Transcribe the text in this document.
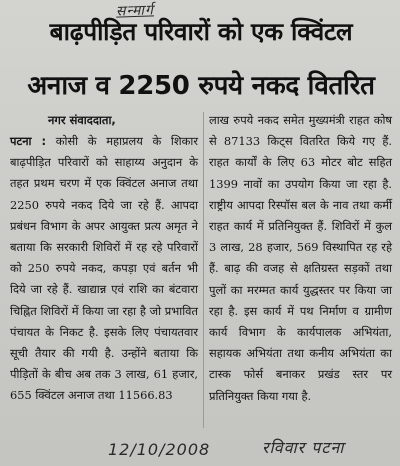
सन्मार्ग
बाढ़पीड़ित परिवारों को एक क्विंटल
अनाज व 2250 रुपये नकद वितरित
नगर संवाददाता,

पटना : कोसी के महाप्रलय के शिकार बाढ़पीड़ित परिवारों को साहाय्य अनुदान के तहत प्रथम चरण में एक क्विंटल अनाज तथा 2250 रुपये नकद दिये जा रहे हैं. आपदा प्रबंधन विभाग के अपर आयुक्त प्रत्य अमृत ने बताया कि सरकारी शिविरों में रह रहे परिवारों को 250 रुपये नकद, कपड़ा एवं बर्तन भी दिये जा रहे हैं. खाद्यान्न एवं राशि का बंटवारा चिह्नित शिविरों में किया जा रहा है जो प्रभावित पंचायत के निकट है. इसके लिए पंचायतवार सूची तैयार की गयी है. उन्होंने बताया कि पीड़ितों के बीच अब तक 3 लाख, 61 हजार, 655 क्विंटल अनाज तथा 11566.83

लाख रुपये नकद समेत मुख्यमंत्री राहत कोष से 87133 किट्स वितरित किये गए हैं. राहत कार्यों के लिए 63 मोटर बोट सहित 1399 नावों का उपयोग किया जा रहा है. राष्ट्रीय आपदा रिस्पॉस बल के नाव तथा कर्मी राहत कार्य में प्रतिनियुक्त हैं. शिविरों में कुल 3 लाख, 28 हजार, 569 विस्थापित रह रहे हैं. बाढ़ की वजह से क्षतिग्रस्त सड़कों तथा पुलों का मरम्मत कार्य युद्धस्तर पर किया जा रहा है. इस कार्य में पथ निर्माण व ग्रामीण कार्य विभाग के कार्यपालक अभियंता, सहायक अभियंता तथा कनीय अभियंता का टास्क फोर्स बनाकर प्रखंड स्तर पर प्रतिनियुक्त किया गया है.

12/10/2008	रविवार पटना
